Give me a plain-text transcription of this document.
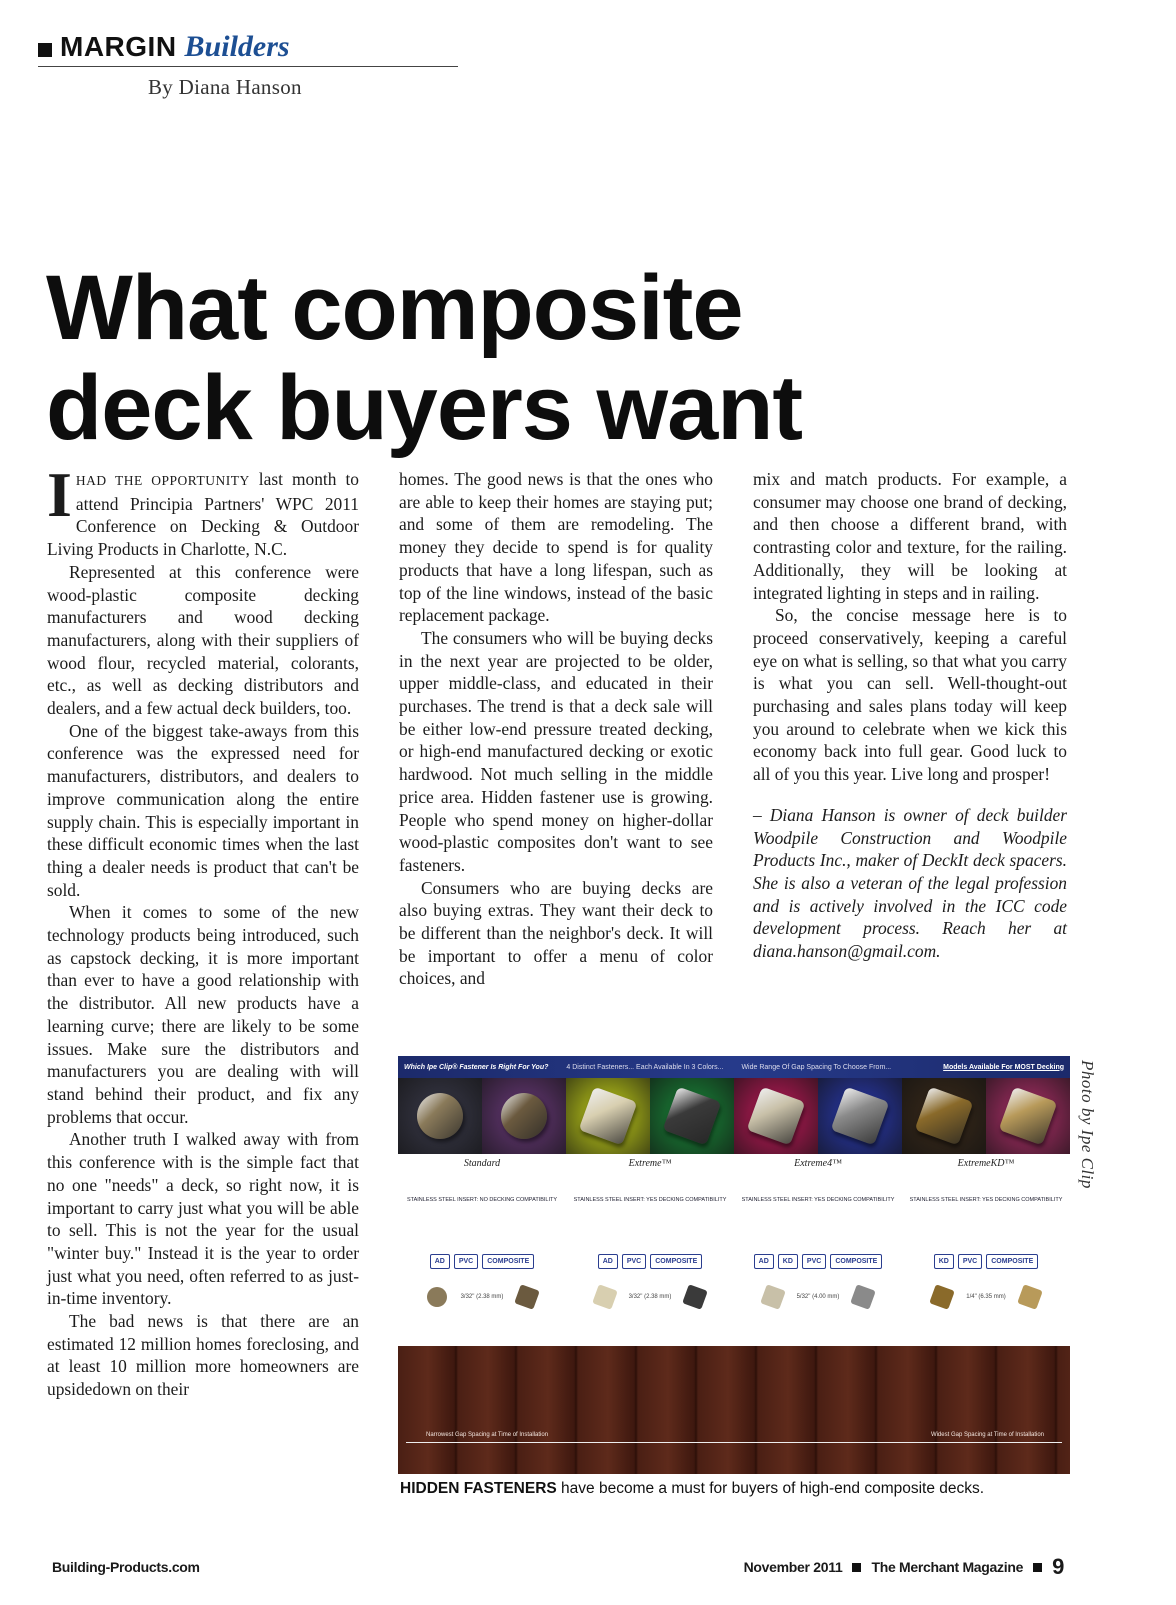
MARGIN Builders
By Diana Hanson
What composite
deck buyers want

IHAD THE OPPORTUNITY last month to attend Principia Partners' WPC 2011 Conference on Decking & Outdoor Living Products in Charlotte, N.C.

Represented at this conference were wood-plastic composite decking manufacturers and wood decking manufacturers, along with their suppliers of wood flour, recycled material, colorants, etc., as well as decking distributors and dealers, and a few actual deck builders, too.

One of the biggest take-aways from this conference was the expressed need for manufacturers, distributors, and dealers to improve communication along the entire supply chain. This is especially important in these difficult economic times when the last thing a dealer needs is product that can't be sold.

When it comes to some of the new technology products being introduced, such as capstock decking, it is more important than ever to have a good relationship with the distributor. All new products have a learning curve; there are likely to be some issues. Make sure the distributors and manufacturers you are dealing with will stand behind their product, and fix any problems that occur.

Another truth I walked away with from this conference with is the simple fact that no one "needs" a deck, so right now, it is important to carry just what you will be able to sell. This is not the year for the usual "winter buy." Instead it is the year to order just what you need, often referred to as just-in-time inventory.

The bad news is that there are an estimated 12 million homes foreclosing, and at least 10 million more homeowners are upsidedown on their

homes. The good news is that the ones who are able to keep their homes are staying put; and some of them are remodeling. The money they decide to spend is for quality products that have a long lifespan, such as top of the line windows, instead of the basic replacement package.

The consumers who will be buying decks in the next year are projected to be older, upper middle-class, and educated in their purchases. The trend is that a deck sale will be either low-end pressure treated decking, or high-end manufactured decking or exotic hardwood. Not much selling in the middle price area. Hidden fastener use is growing. People who spend money on higher-dollar wood-plastic composites don't want to see fasteners.

Consumers who are buying decks are also buying extras. They want their deck to be different than the neighbor's deck. It will be important to offer a menu of color choices, and

mix and match products. For example, a consumer may choose one brand of decking, and then choose a different brand, with contrasting color and texture, for the railing. Additionally, they will be looking at integrated lighting in steps and in railing.

So, the concise message here is to proceed conservatively, keeping a careful eye on what is selling, so that what you carry is what you can sell. Well-thought-out purchasing and sales plans today will keep you around to celebrate when we kick this economy back into full gear. Good luck to all of you this year. Live long and prosper!

– Diana Hanson is owner of deck builder Woodpile Construction and Woodpile Products Inc., maker of DeckIt deck spacers. She is also a veteran of the legal profession and is actively involved in the ICC code development process. Reach her at diana.hanson@gmail.com.

Which Ipe Clip® Fastener Is Right For You?	4 Distinct Fasteners... Each Available In 3 Colors...	Wide Range Of Gap Spacing To Choose From...	Models Available For MOST Decking
Standard
STAINLESS STEEL INSERT: NO DECKING COMPATIBILITY
Extreme™
STAINLESS STEEL INSERT: YES DECKING COMPATIBILITY
Extreme4™
STAINLESS STEEL INSERT: YES DECKING COMPATIBILITY
ExtremeKD™
STAINLESS STEEL INSERT: YES DECKING COMPATIBILITY
AD	PVC	COMPOSITE	AD	PVC	COMPOSITE	AD	KD	PVC	COMPOSITE	KD	PVC	COMPOSITE
3/32" (2.38 mm)	3/32" (2.38 mm)	5/32" (4.00 mm)	1/4" (6.35 mm)
Narrowest Gap Spacing at Time of Installation	Widest Gap Spacing at Time of Installation
Photo by Ipe Clip
HIDDEN FASTENERS have become a must for buyers of high-end composite decks.
Building-Products.com	November 2011 The Merchant Magazine 9
